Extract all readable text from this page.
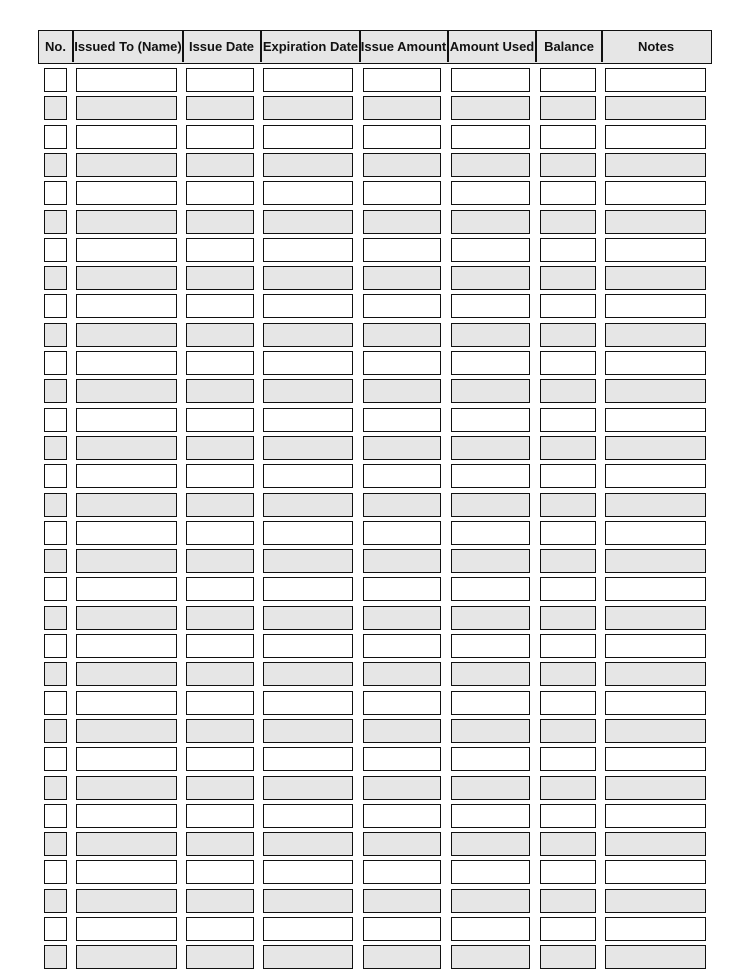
No. Issued To (Name) Issue Date Expiration Date Issue Amount Amount Used Balance	Notes
